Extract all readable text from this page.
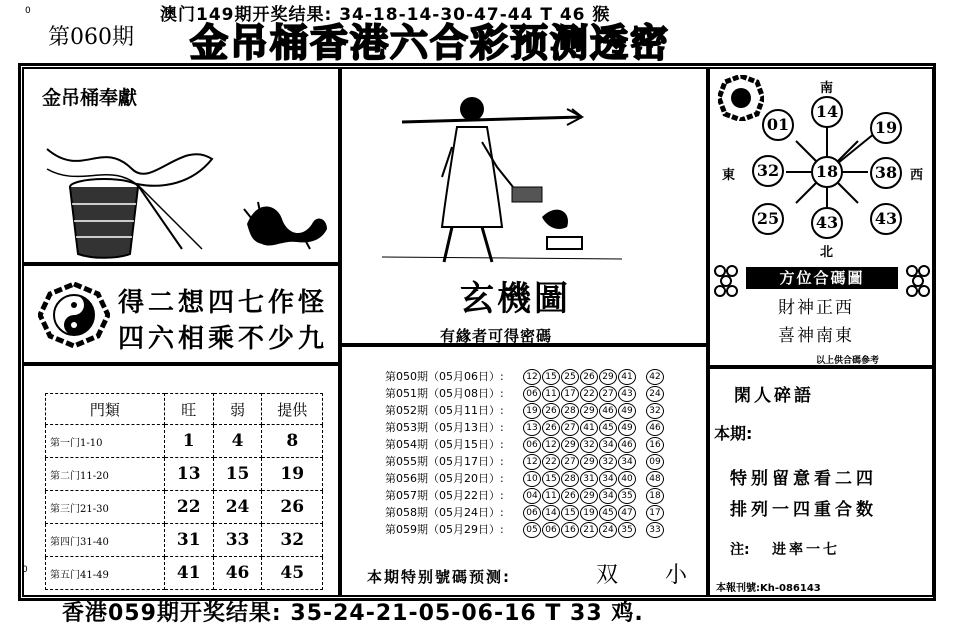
0
0
澳门149期开奖结果: 34-18-14-30-47-44 T 46 猴
第060期 金吊桶香港六合彩预测透密
金吊桶奉獻
得二想四七作怪
四六相乘不少九
門類	旺	弱	提供
第一门1-10	1	4	8
第二门11-20	13	15	19
第三门21-30	22	24	26
第四门31-40	31	33	32
第五门41-49	41	46	45
玄機圖
有緣者可得密碼
第050期（05月06日）:	12 15 25 26 29 41 42
第051期（05月08日）:	06 11 17 22 27 43 24
第052期（05月11日）:	19 26 28 29 46 49 32
第053期（05月13日）:	13 26 27 41 45 49 46
第054期（05月15日）:	06 12 29 32 34 46 16
第055期（05月17日）:	12 22 27 29 32 34 09
第056期（05月20日）:	10 15 28 31 34 40 48
第057期（05月22日）:	04 11 26 29 34 35 18
第058期（05月24日）:	06 14 15 19 45 47 17
第059期（05月29日）:	05 06 16 21 24 35 33
本期特别號碼预测:	双 小
南
北
東	西
14
01	19
32	18	38
25	43	43
方位合碼圖
財神正西
喜神南東
以上供合碼參考
閑人碎語
本期:
特别留意看二四
排列一四重合数
注: 进率一七
本報刊號:Kh-086143
香港059期开奖结果: 35-24-21-05-06-16 T 33 鸡.
